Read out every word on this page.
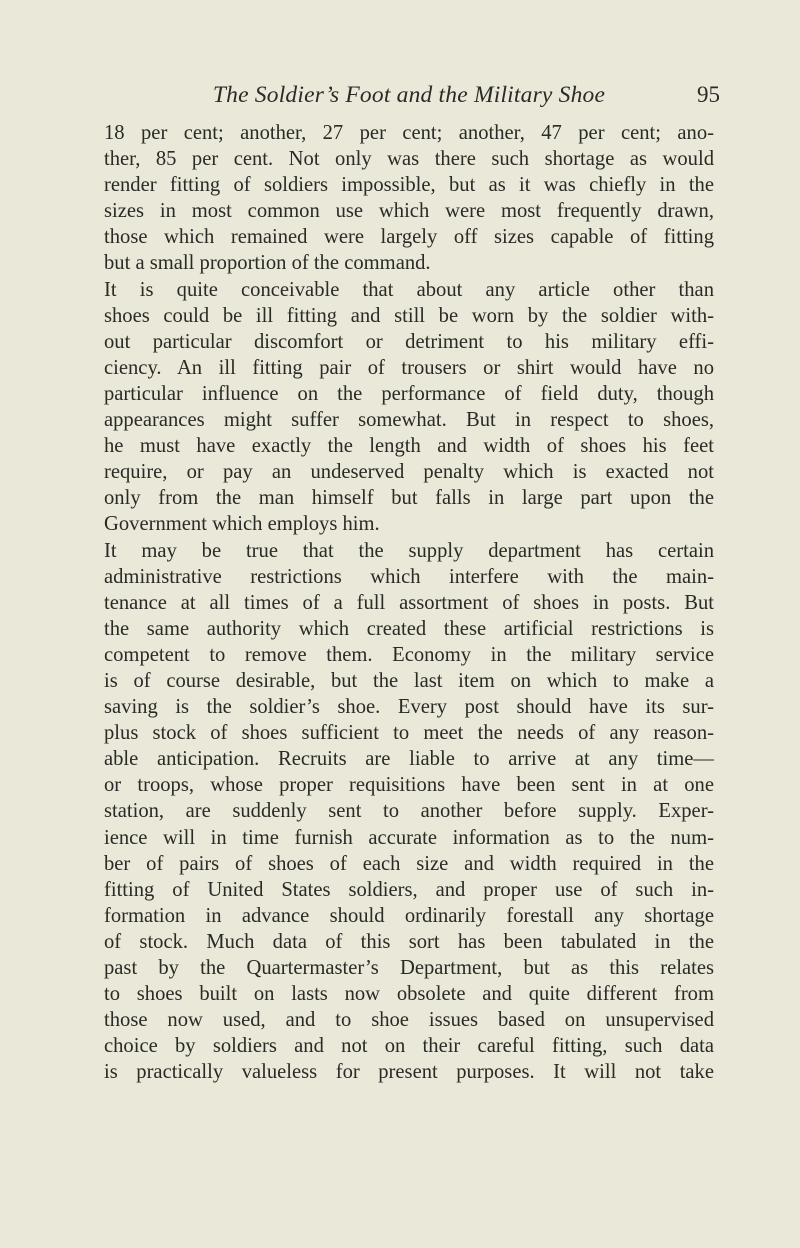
The Soldier’s Foot and the Military Shoe	95
18 per cent; another, 27 per cent; another, 47 per cent; ano-
ther, 85 per cent. Not only was there such shortage as would
render fitting of soldiers impossible, but as it was chiefly in the
sizes in most common use which were most frequently drawn,
those which remained were largely off sizes capable of fitting
but a small proportion of the command.
It is quite conceivable that about any article other than
shoes could be ill fitting and still be worn by the soldier with-
out particular discomfort or detriment to his military effi-
ciency. An ill fitting pair of trousers or shirt would have no
particular influence on the performance of field duty, though
appearances might suffer somewhat. But in respect to shoes,
he must have exactly the length and width of shoes his feet
require, or pay an undeserved penalty which is exacted not
only from the man himself but falls in large part upon the
Government which employs him.
It may be true that the supply department has certain
administrative restrictions which interfere with the main-
tenance at all times of a full assortment of shoes in posts. But
the same authority which created these artificial restrictions is
competent to remove them. Economy in the military service
is of course desirable, but the last item on which to make a
saving is the soldier’s shoe. Every post should have its sur-
plus stock of shoes sufficient to meet the needs of any reason-
able anticipation. Recruits are liable to arrive at any time—
or troops, whose proper requisitions have been sent in at one
station, are suddenly sent to another before supply. Exper-
ience will in time furnish accurate information as to the num-
ber of pairs of shoes of each size and width required in the
fitting of United States soldiers, and proper use of such in-
formation in advance should ordinarily forestall any shortage
of stock. Much data of this sort has been tabulated in the
past by the Quartermaster’s Department, but as this relates
to shoes built on lasts now obsolete and quite different from
those now used, and to shoe issues based on unsupervised
choice by soldiers and not on their careful fitting, such data
is practically valueless for present purposes. It will not take
